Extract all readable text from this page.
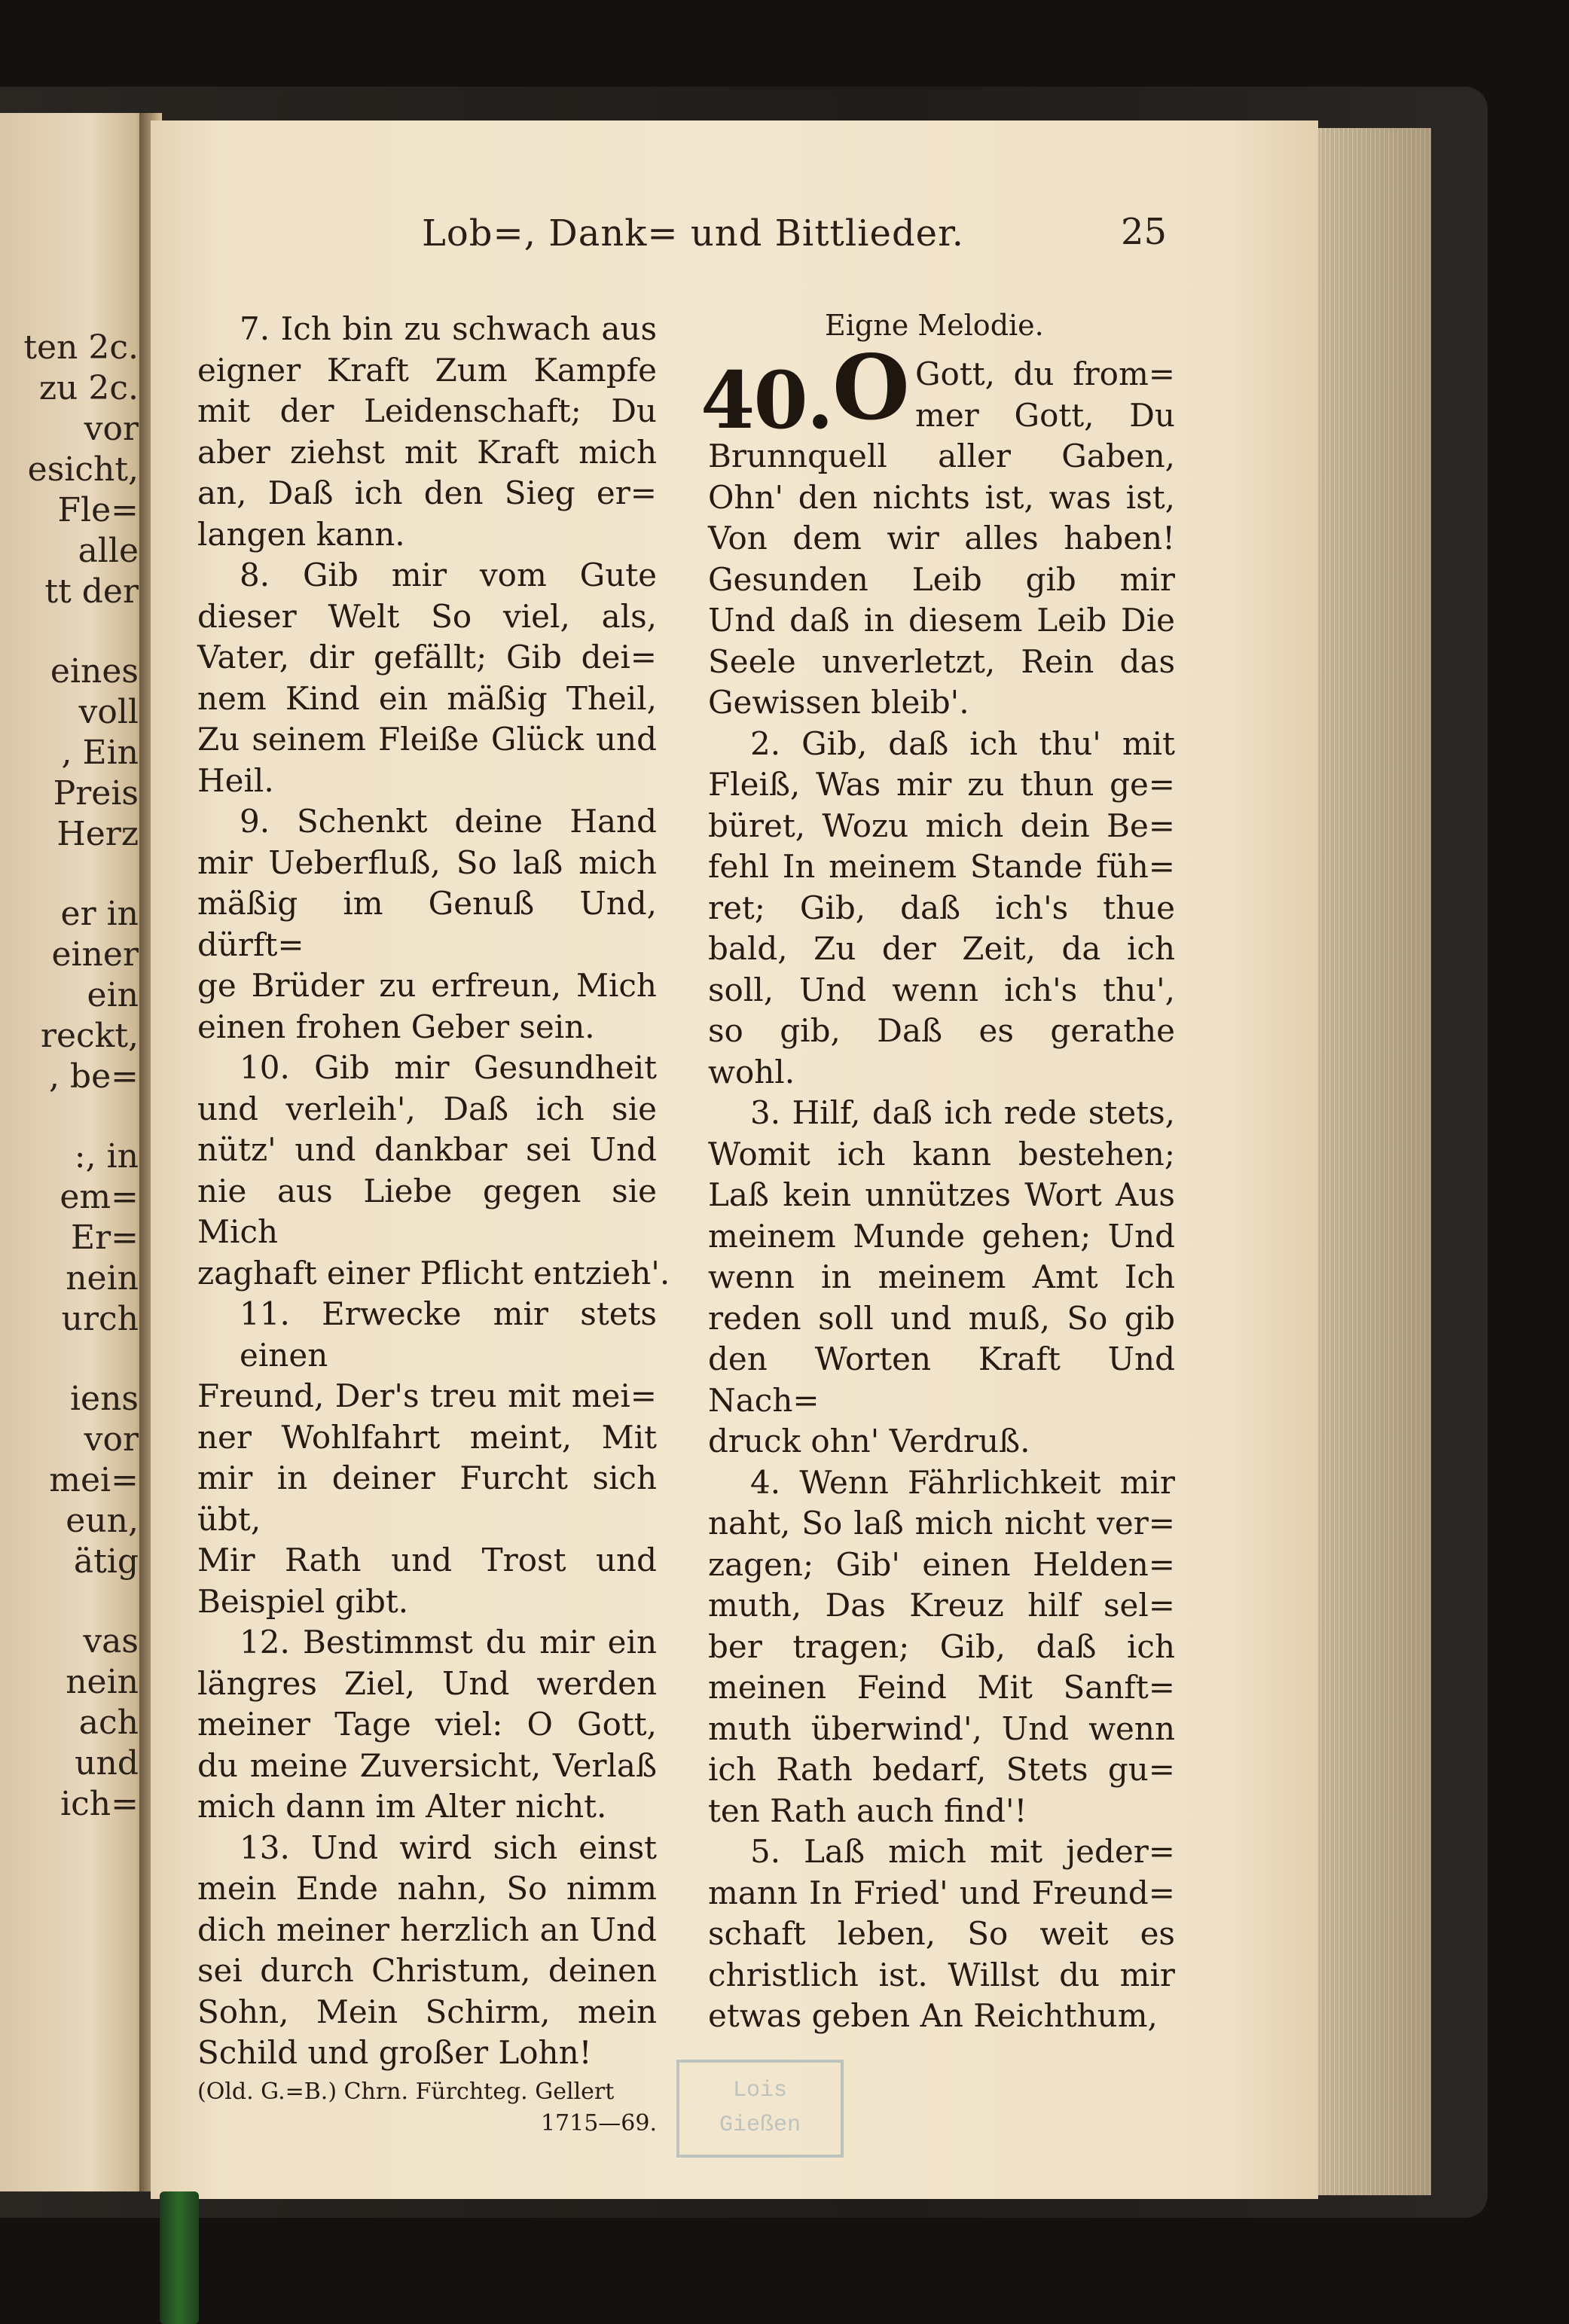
ten 2c.
zu 2c.
vor
esicht,
Fle=
alle
tt der
eines
voll
, Ein
Preis
Herz
er in
einer
ein
reckt,
, be=
:, in
em=
Er=
nein
urch
iens
vor
mei=
eun,
ätig
vas
nein
ach
und
ich=
Lob=, Dank= und Bittlieder.	25
7. Ich bin zu schwach aus
eigner Kraft Zum Kampfe
mit der Leidenschaft; Du
aber ziehst mit Kraft mich
an, Daß ich den Sieg er=
langen kann.
8. Gib mir vom Gute
dieser Welt So viel, als,
Vater, dir gefällt; Gib dei=
nem Kind ein mäßig Theil,
Zu seinem Fleiße Glück und
Heil.
9. Schenkt deine Hand
mir Ueberfluß, So laß mich
mäßig im Genuß Und, dürft=
ge Brüder zu erfreun, Mich
einen frohen Geber sein.
10. Gib mir Gesundheit
und verleih', Daß ich sie
nütz' und dankbar sei Und
nie aus Liebe gegen sie Mich
zaghaft einer Pflicht entzieh'.
11. Erwecke mir stets einen
Freund, Der's treu mit mei=
ner Wohlfahrt meint, Mit
mir in deiner Furcht sich übt,
Mir Rath und Trost und
Beispiel gibt.
12. Bestimmst du mir ein
längres Ziel, Und werden
meiner Tage viel: O Gott,
du meine Zuversicht, Verlaß
mich dann im Alter nicht.
13. Und wird sich einst
mein Ende nahn, So nimm
dich meiner herzlich an Und
sei durch Christum, deinen
Sohn, Mein Schirm, mein
Schild und großer Lohn!
(Old. G.=B.) Chrn. Fürchteg. Gellert
1715—69.
Eigne Melodie.
40. O Gott, du from=
mer Gott, Du
Brunnquell aller Gaben,
Ohn' den nichts ist, was ist,
Von dem wir alles haben!
Gesunden Leib gib mir
Und daß in diesem Leib Die
Seele unverletzt, Rein das
Gewissen bleib'.
2. Gib, daß ich thu' mit
Fleiß, Was mir zu thun ge=
büret, Wozu mich dein Be=
fehl In meinem Stande füh=
ret; Gib, daß ich's thue
bald, Zu der Zeit, da ich
soll, Und wenn ich's thu',
so gib, Daß es gerathe
wohl.
3. Hilf, daß ich rede stets,
Womit ich kann bestehen;
Laß kein unnützes Wort Aus
meinem Munde gehen; Und
wenn in meinem Amt Ich
reden soll und muß, So gib
den Worten Kraft Und Nach=
druck ohn' Verdruß.
4. Wenn Fährlichkeit mir
naht, So laß mich nicht ver=
zagen; Gib' einen Helden=
muth, Das Kreuz hilf sel=
ber tragen; Gib, daß ich
meinen Feind Mit Sanft=
muth überwind', Und wenn
ich Rath bedarf, Stets gu=
ten Rath auch find'!
5. Laß mich mit jeder=
mann In Fried' und Freund=
schaft leben, So weit es
christlich ist. Willst du mir
etwas geben An Reichthum,
Lois
Gießen
